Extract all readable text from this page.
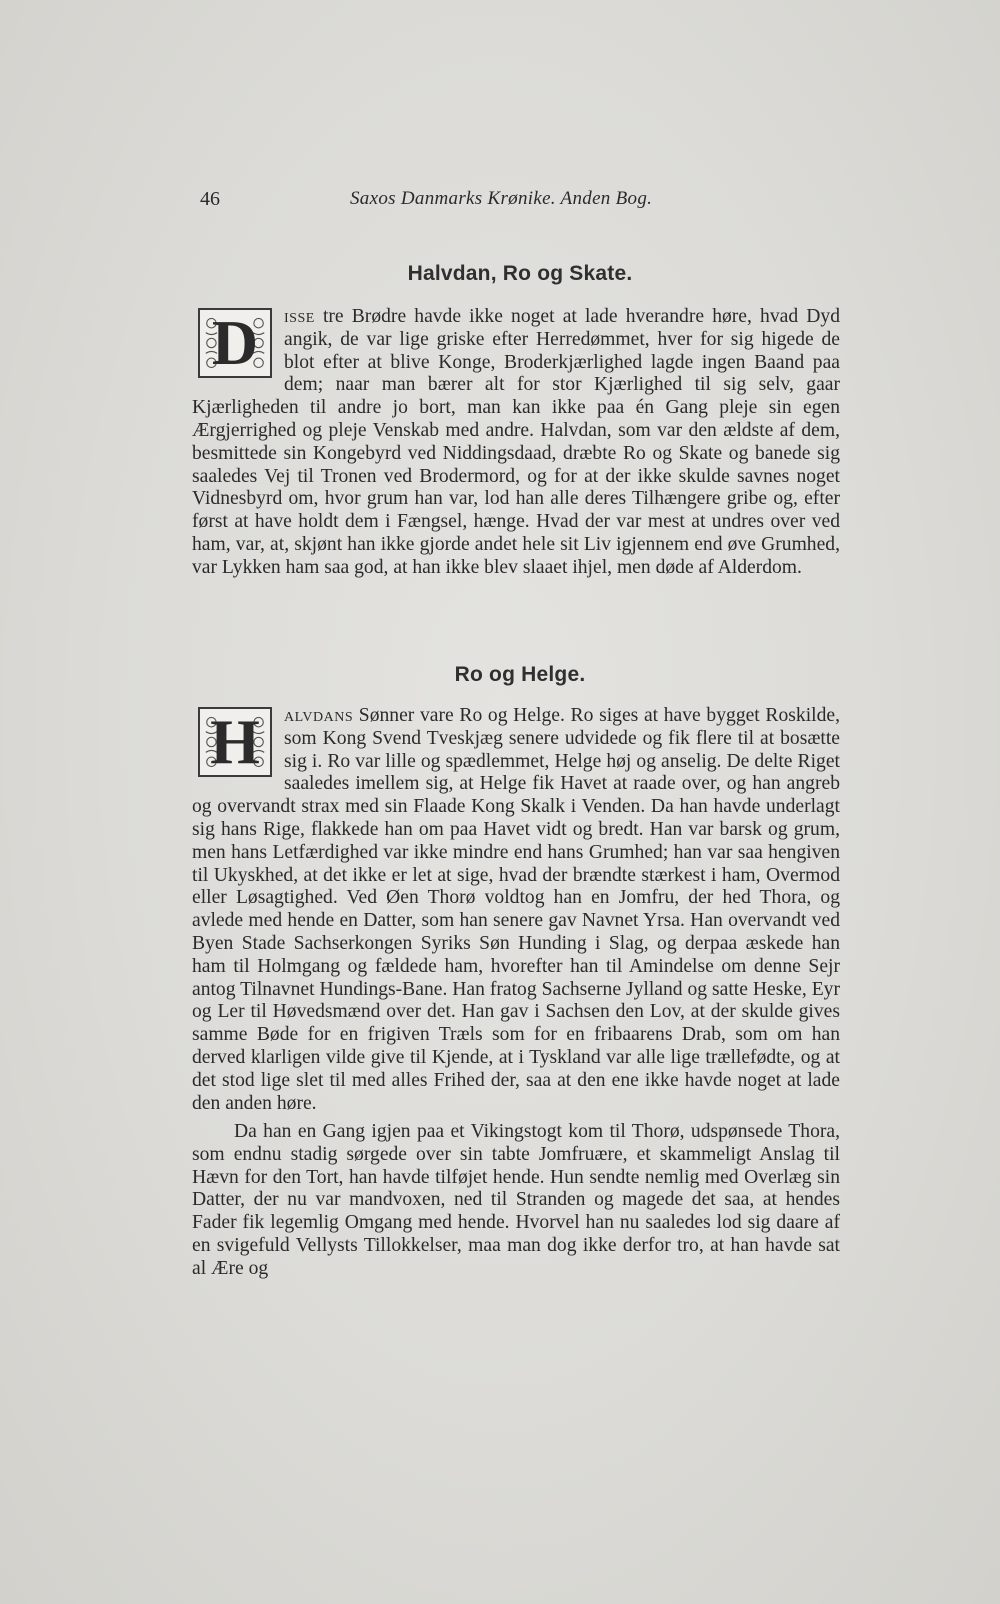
46	Saxos Danmarks Krønike. Anden Bog.
Halvdan, Ro og Skate.
D	isse tre Brødre havde ikke noget at lade hverandre høre, hvad Dyd angik, de var lige griske efter Herredømmet, hver for sig higede de blot efter at blive Konge, Broderkjærlighed lagde ingen Baand paa dem; naar man bærer alt for stor Kjærlighed til sig selv, gaar Kjærligheden til andre jo bort, man kan ikke paa én Gang pleje sin egen Ærgjerrighed og pleje Venskab med andre. Halvdan, som var den ældste af dem, besmittede sin Kongebyrd ved Niddingsdaad, dræbte Ro og Skate og banede sig saaledes Vej til Tronen ved Brodermord, og for at der ikke skulde savnes noget Vidnesbyrd om, hvor grum han var, lod han alle deres Tilhængere gribe og, efter først at have holdt dem i Fængsel, hænge. Hvad der var mest at undres over ved ham, var, at, skjønt han ikke gjorde andet hele sit Liv igjennem end øve Grumhed, var Lykken ham saa god, at han ikke blev slaaet ihjel, men døde af Alderdom.
Ro og Helge.
H	alvdans Sønner vare Ro og Helge. Ro siges at have bygget Roskilde, som Kong Svend Tveskjæg senere udvidede og fik flere til at bosætte sig i. Ro var lille og spædlemmet, Helge høj og anselig. De delte Riget saaledes imellem sig, at Helge fik Havet at raade over, og han angreb og overvandt strax med sin Flaade Kong Skalk i Venden. Da han havde underlagt sig hans Rige, flakkede han om paa Havet vidt og bredt. Han var barsk og grum, men hans Letfærdighed var ikke mindre end hans Grumhed; han var saa hengiven til Ukyskhed, at det ikke er let at sige, hvad der brændte stærkest i ham, Overmod eller Løsagtighed. Ved Øen Thorø voldtog han en Jomfru, der hed Thora, og avlede med hende en Datter, som han senere gav Navnet Yrsa. Han overvandt ved Byen Stade Sachserkongen Syriks Søn Hunding i Slag, og derpaa æskede han ham til Holmgang og fældede ham, hvorefter han til Amindelse om denne Sejr antog Tilnavnet Hundings-Bane. Han fratog Sachserne Jylland og satte Heske, Eyr og Ler til Høvedsmænd over det. Han gav i Sachsen den Lov, at der skulde gives samme Bøde for en frigiven Træls som for en fribaarens Drab, som om han derved klarligen vilde give til Kjende, at i Tyskland var alle lige trællefødte, og at det stod lige slet til med alles Frihed der, saa at den ene ikke havde noget at lade den anden høre.
Da han en Gang igjen paa et Vikingstogt kom til Thorø, udspønsede Thora, som endnu stadig sørgede over sin tabte Jomfruære, et skammeligt Anslag til Hævn for den Tort, han havde tilføjet hende. Hun sendte nemlig med Overlæg sin Datter, der nu var mandvoxen, ned til Stranden og magede det saa, at hendes Fader fik legemlig Omgang med hende. Hvorvel han nu saaledes lod sig daare af en svigefuld Vellysts Tillokkelser, maa man dog ikke derfor tro, at han havde sat al Ære og
